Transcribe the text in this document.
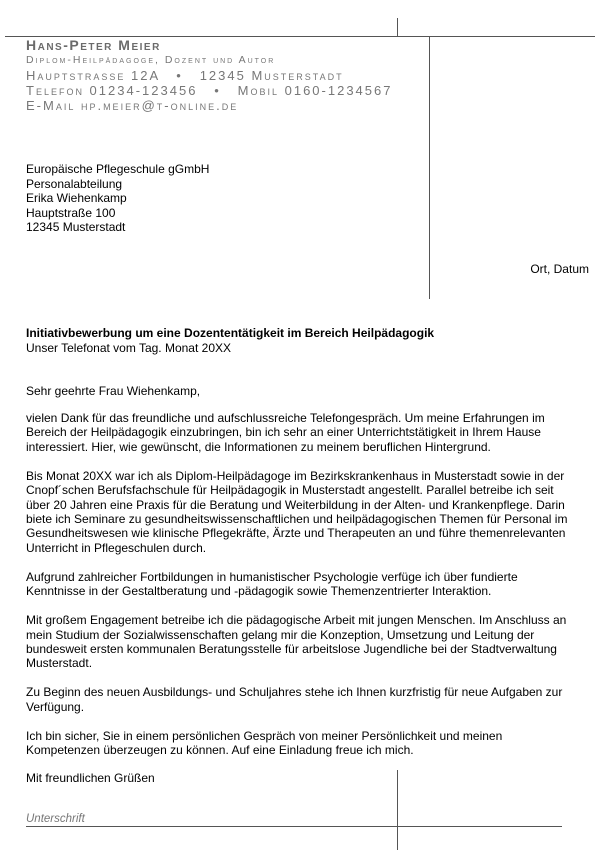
Hans-Peter Meier
Diplom-Heilpädagoge, Dozent und Autor
Hauptstrasse 12A • 12345 Musterstadt
Telefon 01234-123456 • Mobil 0160-1234567
E-Mail hp.meier@t-online.de
Europäische Pflegeschule gGmbH
Personalabteilung
Erika Wiehenkamp
Hauptstraße 100
12345 Musterstadt
Ort, Datum
Initiativbewerbung um eine Dozententätigkeit im Bereich Heilpädagogik
Unser Telefonat vom Tag. Monat 20XX
Sehr geehrte Frau Wiehenkamp,

vielen Dank für das freundliche und aufschlussreiche Telefongespräch. Um meine Erfahrungen im Bereich der Heilpädagogik einzubringen, bin ich sehr an einer Unterrichtstätigkeit in Ihrem Hause interessiert. Hier, wie gewünscht, die Informationen zu meinem beruflichen Hintergrund.

Bis Monat 20XX war ich als Diplom-Heilpädagoge im Bezirkskrankenhaus in Musterstadt sowie in der Cnopf´schen Berufsfachschule für Heilpädagogik in Musterstadt angestellt. Parallel betreibe ich seit über 20 Jahren eine Praxis für die Beratung und Weiterbildung in der Alten- und Krankenpflege. Darin biete ich Seminare zu gesundheitswissenschaftlichen und heilpädagogischen Themen für Personal im Gesundheitswesen wie klinische Pflegekräfte, Ärzte und Therapeuten an und führe themenrelevanten Unterricht in Pflegeschulen durch.

Aufgrund zahlreicher Fortbildungen in humanistischer Psychologie verfüge ich über fundierte Kenntnisse in der Gestaltberatung und -pädagogik sowie Themenzentrierter Interaktion.

Mit großem Engagement betreibe ich die pädagogische Arbeit mit jungen Menschen. Im Anschluss an mein Studium der Sozialwissenschaften gelang mir die Konzeption, Umsetzung und Leitung der bundesweit ersten kommunalen Beratungsstelle für arbeitslose Jugendliche bei der Stadtverwaltung Musterstadt.

Zu Beginn des neuen Ausbildungs- und Schuljahres stehe ich Ihnen kurzfristig für neue Aufgaben zur Verfügung.

Ich bin sicher, Sie in einem persönlichen Gespräch von meiner Persönlichkeit und meinen Kompetenzen überzeugen zu können. Auf eine Einladung freue ich mich.

Mit freundlichen Grüßen
Unterschrift
